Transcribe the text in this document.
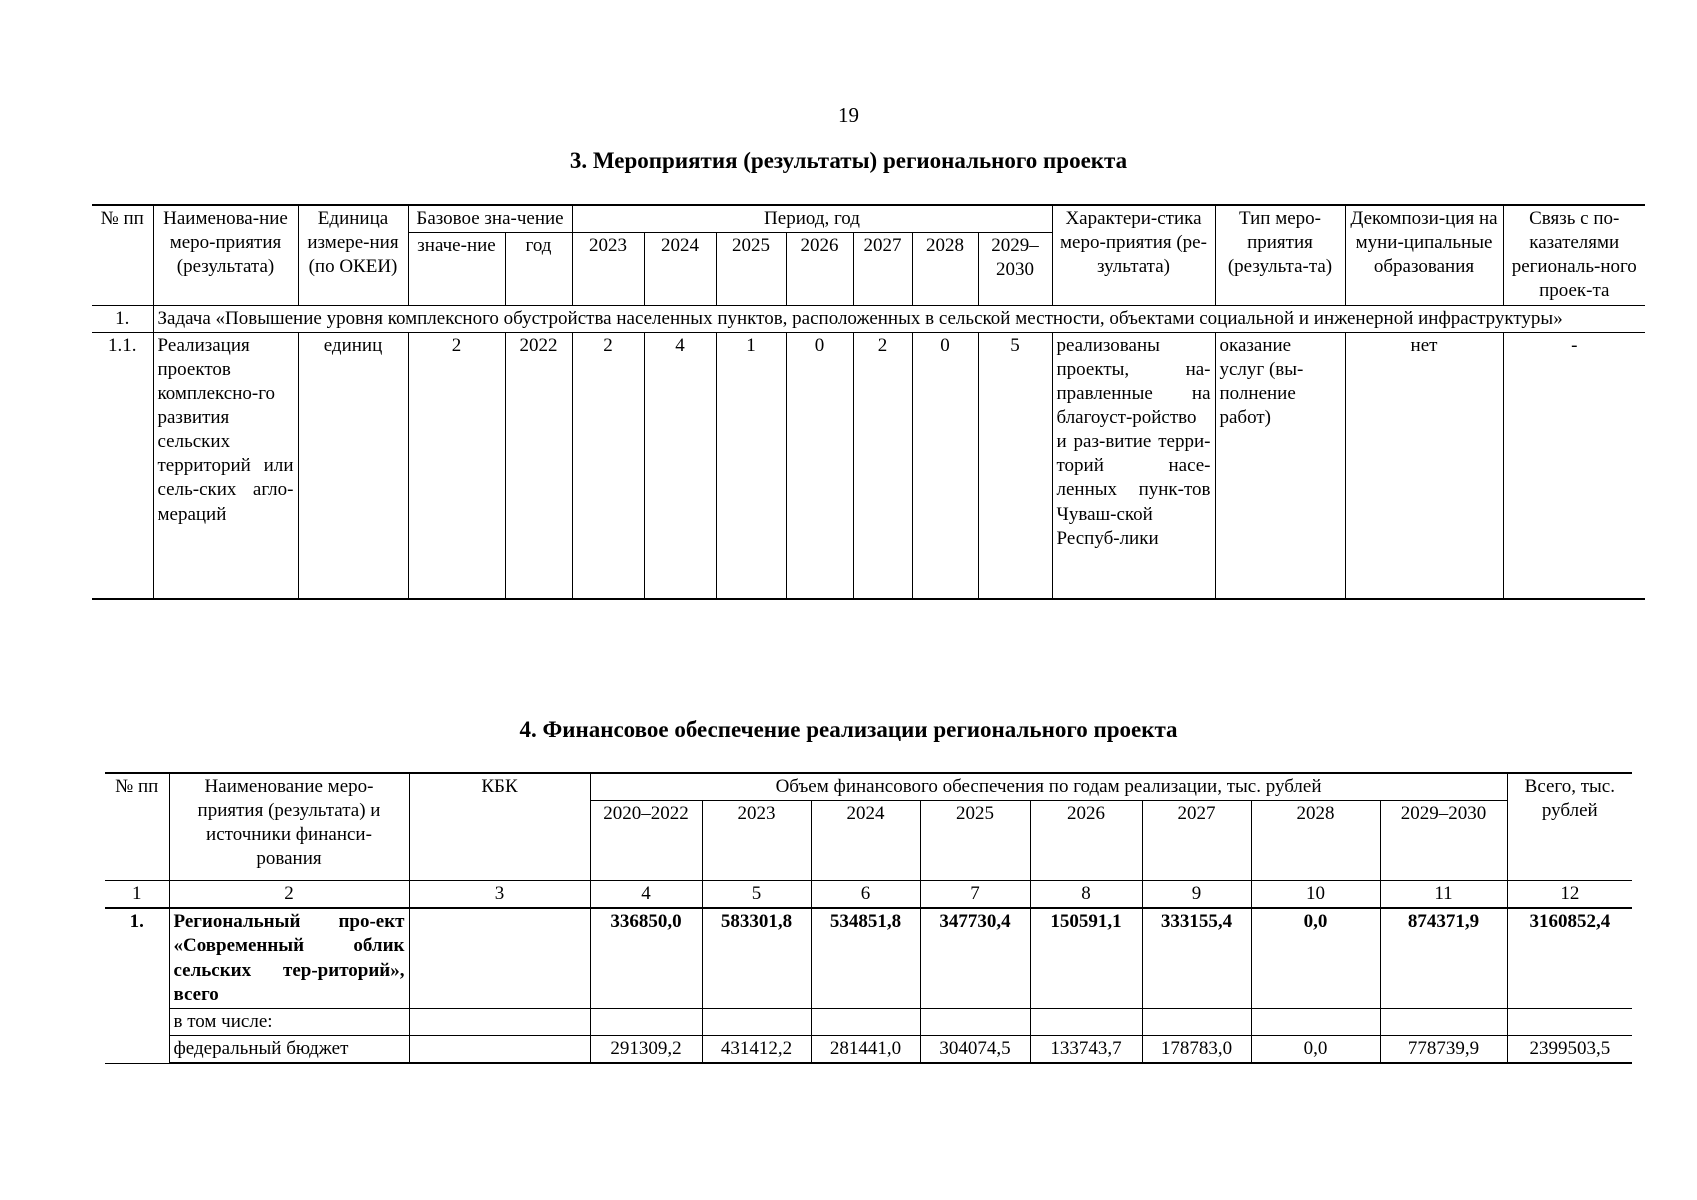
19
3. Мероприятия (результаты) регионального проекта
№ пп	Наименова-ние меро-приятия (результата)	Единица измере-ния (по ОКЕИ)	Базовое зна-чение		Период, год							Характери-стика меро-приятия (ре-зультата)	Тип меро-приятия (результа-та)	Декомпози-ция на муни-ципальные образования	Связь с по-казателями региональ-ного проек-та
			значе-ние	год	2023	2024	2025	2026	2027	2028	2029–2030				

1.	Задача «Повышение уровня комплексного обустройства населенных пунктов, расположенных в сельской местности, объектами социальной и инженерной инфраструктуры»														
1.1.	Реализация проектов комплексно-го развития сельских территорий или сель-ских агло-мераций	единиц	2	2022	2	4	1	0	2	0	5	реализованы проекты, на-правленные на благоуст-ройство и раз-витие терри-торий насе-ленных пунк-тов Чуваш-ской Респуб-лики	оказание услуг (вы-полнение работ)	нет	-
4. Финансовое обеспечение реализации регионального проекта
№ пп	Наименование меро-приятия (результата) и источники финанси-рования	КБК	Объем финансового обеспечения по годам реализации, тыс. рублей								Всего, тыс. рублей
			2020–2022	2023	2024	2025	2026	2027	2028	2029–2030	
1	2	3	4	5	6	7	8	9	10	11	12
1.	Региональный про-ект «Современный облик сельских тер-риторий», всего		336850,0	583301,8	534851,8	347730,4	150591,1	333155,4	0,0	874371,9	3160852,4
	в том числе:										
	федеральный бюджет		291309,2	431412,2	281441,0	304074,5	133743,7	178783,0	0,0	778739,9	2399503,5
